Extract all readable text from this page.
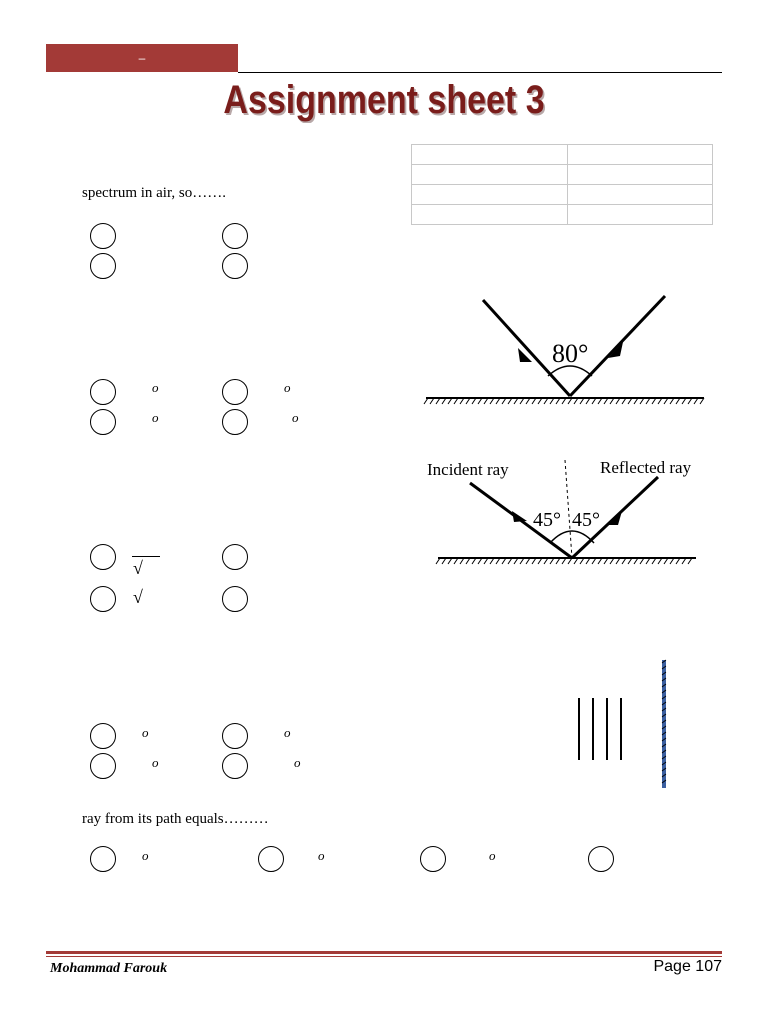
–
Assignment sheet 3

spectrum in air, so…….
o	o
o	o
√
√
o	o
o	o
ray from its path equals………
o	o	o
80°
Incident ray	Reflected ray
45° 45°
Mohammad Farouk	Page 107
